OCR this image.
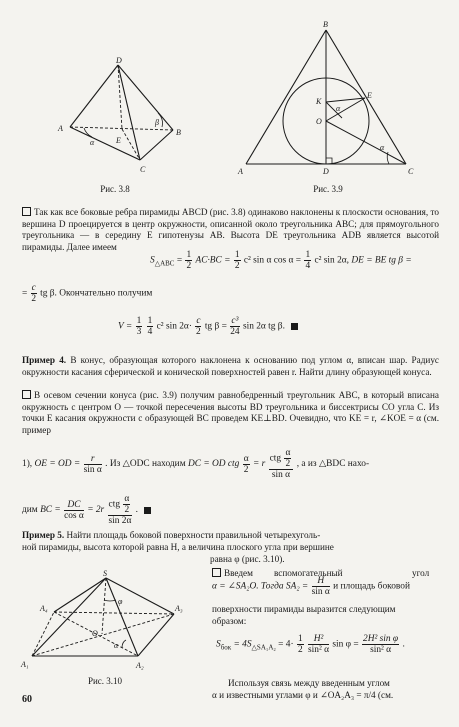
D
A	B
C
E
α
β
Рис. 3.8
B
K
E
O
A	D	C
α
α
Рис. 3.9

Так как все боковые ребра пирамиды ABCD (рис. 3.8) одинаково наклонены к плоскости основания, то вершина D проецируется в центр окружности, описанной около треугольника ABC; для прямоугольного треугольника — в середину E гипотенузы AB. Высота DE треугольника ADB является высотой пирамиды. Далее имеем

$S_{\triangle ABC} = \frac{1}{2} AC\cdot BC = \frac{1}{2} c^2$ sin α $\cos \alpha = \frac{1}{4} c^2$ sin 2α, DE = BE tg β =
= $\frac{c}{2}$ tg β. Окончательно получим
$V = \frac{1}{3}$
$\frac{1}{4} c^2$ $\sin 2\alpha\cdot \frac{c}{2}$ tg $\beta = \frac{\text{c³}}{24}$ sin 2α tg β.

Пример 4. В конус, образующая которого наклонена к основанию под углом α, вписан шар. Радиус окружности касания сферической и конической поверхностей равен r. Найти длину образующей конуса.

В осевом сечении конуса (рис. 3.9) получим равнобедренный треугольник ABC, в который вписана окружность с центром O — точкой пересечения высоты BD треугольника и биссектрисы CO угла C. Из точки E касания окружности с образующей BC проведем KE⊥BD. Очевидно, что KE = r, ∠KOE = α (см. пример

1), OE = OD = $\frac{r}{\text{sin α}}$ . Из △ODC находим DC = OD ctg $\frac{\alpha}{2} = r \frac{ctg \frac{\alpha}{2}}{\text{sin α}}$ , а из △BDC нахо-
дим BC = $\frac{DC}{\text{cos α}} = 2r \frac{ctg \frac{\alpha}{2}}{\sin 2\alpha}$ .
Пример 5. Найти площадь боковой поверхности правильной четырехуголь-
ной пирамиды, высота которой равна H, а величина плоского угла при вершине
равна φ (рис. 3.10).
S
A₄	A₃
O
A₁	A₂
φ
α
Рис. 3.10
Введем вспомогательный	угол
α = ∠SA₂O. Тогда $SA_2 = \frac{H}{\text{sin α}}$ и площадь боковой
поверхности пирамиды выразится следующим
образом:
$S_{бок} = 4S_{\triangle SA_1A_2} = 4\cdot \frac{1}{2}$
$\frac{\text{H²}}{\text{sin² α}}$ $\sin \varphi = \frac{\text{2H² sin φ}}{\text{sin² α}}$ .
Используя связь между введенным углом
α и известными углами φ и ∠OA₂A₃ = π/4 (см.
60
